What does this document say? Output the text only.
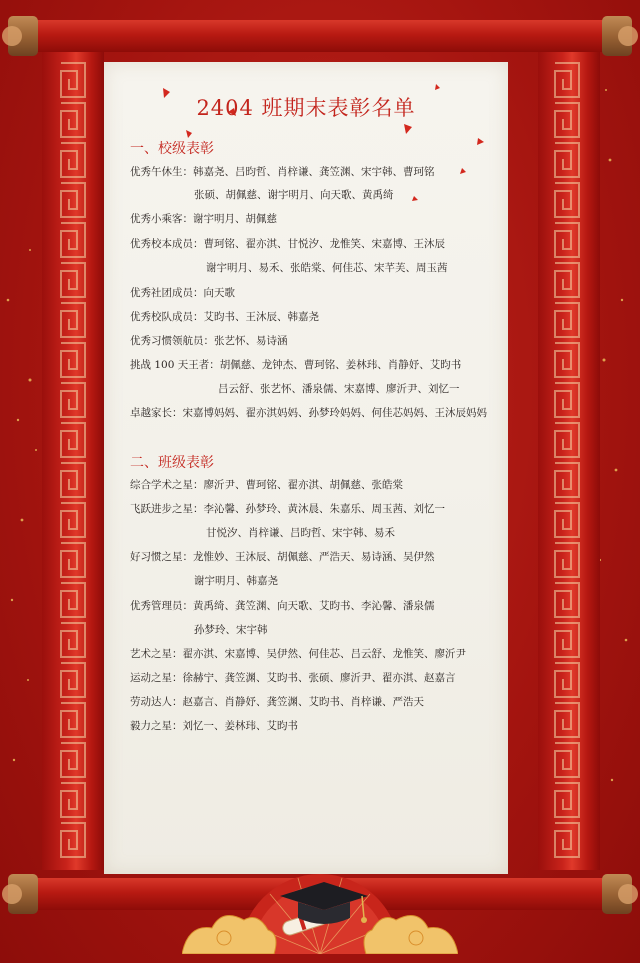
2404 班期末表彰名单
一、校级表彰
优秀午休生：韩嘉尧、吕昀哲、肖梓谦、龚笠渊、宋宇韩、曹珂铭
张硕、胡佩慈、谢宇明月、向天歌、黄禹绮
优秀小乘客：谢宇明月、胡佩慈
优秀校本成员：曹珂铭、翟亦淇、甘悦汐、龙惟笑、宋嘉博、王沐辰
谢宇明月、易禾、张皓棠、何佳芯、宋芊芙、周玉茜
优秀社团成员：向天歌
优秀校队成员：艾昀书、王沐辰、韩嘉尧
优秀习惯领航员：张艺怀、易诗涵
挑战 100 天王者：胡佩慈、龙钟杰、曹珂铭、姜林玮、肖静妤、艾昀书
吕云舒、张艺怀、潘泉儒、宋嘉博、廖沂尹、刘忆一
卓越家长：宋嘉博妈妈、翟亦淇妈妈、孙梦玲妈妈、何佳芯妈妈、王沐辰妈妈
二、班级表彰
综合学术之星：廖沂尹、曹珂铭、翟亦淇、胡佩慈、张皓棠
飞跃进步之星：李沁馨、孙梦玲、黄沐晨、朱嘉乐、周玉茜、刘忆一
甘悦汐、肖梓谦、吕昀哲、宋宇韩、易禾
好习惯之星：龙惟妙、王沐辰、胡佩慈、严浩天、易诗涵、吴伊然
谢宇明月、韩嘉尧
优秀管理员：黄禹绮、龚笠渊、向天歌、艾昀书、李沁馨、潘泉儒
孙梦玲、宋宇韩
艺术之星：翟亦淇、宋嘉博、吴伊然、何佳芯、吕云舒、龙惟笑、廖沂尹
运动之星：徐赫宁、龚笠渊、艾昀书、张硕、廖沂尹、翟亦淇、赵嘉言
劳动达人：赵嘉言、肖静妤、龚笠渊、艾昀书、肖梓谦、严浩天
毅力之星：刘忆一、姜林玮、艾昀书
